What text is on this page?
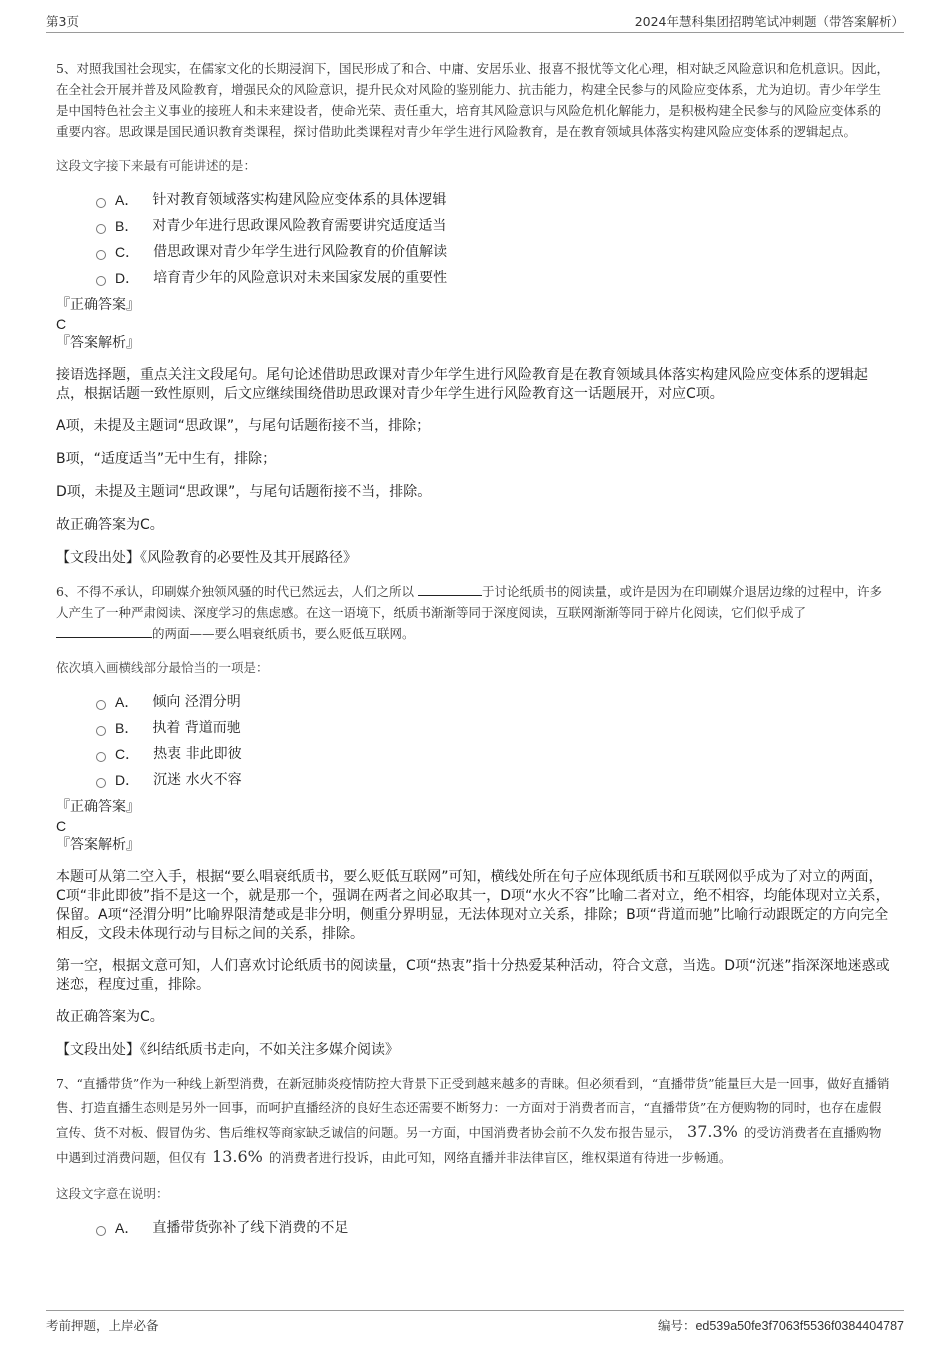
第3页	2024年慧科集团招聘笔试冲刺题（带答案解析）

5、对照我国社会现实，在儒家文化的长期浸润下，国民形成了和合、中庸、安居乐业、报喜不报忧等文化心理，相对缺乏风险意识和危机意识。因此，在全社会开展并普及风险教育，增强民众的风险意识，提升民众对风险的鉴别能力、抗击能力，构建全民参与的风险应变体系，尤为迫切。青少年学生是中国特色社会主义事业的接班人和未来建设者，使命光荣、责任重大，培育其风险意识与风险危机化解能力，是积极构建全民参与的风险应变体系的重要内容。思政课是国民通识教育类课程，探讨借助此类课程对青少年学生进行风险教育，是在教育领域具体落实构建风险应变体系的逻辑起点。

这段文字接下来最有可能讲述的是：

A． 针对教育领域落实构建风险应变体系的具体逻辑
B． 对青少年进行思政课风险教育需要讲究适度适当
C． 借思政课对青少年学生进行风险教育的价值解读
D． 培育青少年的风险意识对未来国家发展的重要性

『正确答案』

C

『答案解析』

接语选择题，重点关注文段尾句。尾句论述借助思政课对青少年学生进行风险教育是在教育领域具体落实构建风险应变体系的逻辑起点，根据话题一致性原则，后文应继续围绕借助思政课对青少年学生进行风险教育这一话题展开，对应C项。

A项，未提及主题词“思政课”，与尾句话题衔接不当，排除；

B项，“适度适当”无中生有，排除；

D项，未提及主题词“思政课”，与尾句话题衔接不当，排除。

故正确答案为C。

【文段出处】《风险教育的必要性及其开展路径》

6、不得不承认，印刷媒介独领风骚的时代已然远去，人们之所以	于讨论纸质书的阅读量，或许是因为在印刷媒介退居边缘的过程中，许多人产生了一种严肃阅读、深度学习的焦虑感。在这一语境下，纸质书渐渐等同于深度阅读，互联网渐渐等同于碎片化阅读，它们似乎成了 的两面——要么唱衰纸质书，要么贬低互联网。

依次填入画横线部分最恰当的一项是：

A． 倾向 泾渭分明
B． 执着 背道而驰
C． 热衷 非此即彼
D． 沉迷 水火不容

『正确答案』

C

『答案解析』

本题可从第二空入手，根据“要么唱衰纸质书，要么贬低互联网”可知，横线处所在句子应体现纸质书和互联网似乎成为了对立的两面，C项“非此即彼”指不是这一个，就是那一个，强调在两者之间必取其一，D项“水火不容”比喻二者对立，绝不相容，均能体现对立关系，保留。A项“泾渭分明”比喻界限清楚或是非分明，侧重分界明显，无法体现对立关系，排除；B项“背道而驰”比喻行动跟既定的方向完全相反，文段未体现行动与目标之间的关系，排除。

第一空，根据文意可知，人们喜欢讨论纸质书的阅读量，C项“热衷”指十分热爱某种活动，符合文意，当选。D项“沉迷”指深深地迷惑或迷恋，程度过重，排除。

故正确答案为C。

【文段出处】《纠结纸质书走向，不如关注多媒介阅读》

7、“直播带货”作为一种线上新型消费，在新冠肺炎疫情防控大背景下正受到越来越多的青睐。但必须看到，“直播带货”能量巨大是一回事，做好直播销售、打造直播生态则是另外一回事，而呵护直播经济的良好生态还需要不断努力：一方面对于消费者而言，“直播带货”在方便购物的同时，也存在虚假宣传、货不对板、假冒伪劣、售后维权等商家缺乏诚信的问题。另一方面，中国消费者协会前不久发布报告显示， 37.3% 的受访消费者在直播购物中遇到过消费问题，但仅有 13.6% 的消费者进行投诉，由此可知，网络直播并非法律盲区，维权渠道有待进一步畅通。

这段文字意在说明：

A． 直播带货弥补了线下消费的不足
考前押题，上岸必备	编号：ed539a50fe3f7063f5536f0384404787
